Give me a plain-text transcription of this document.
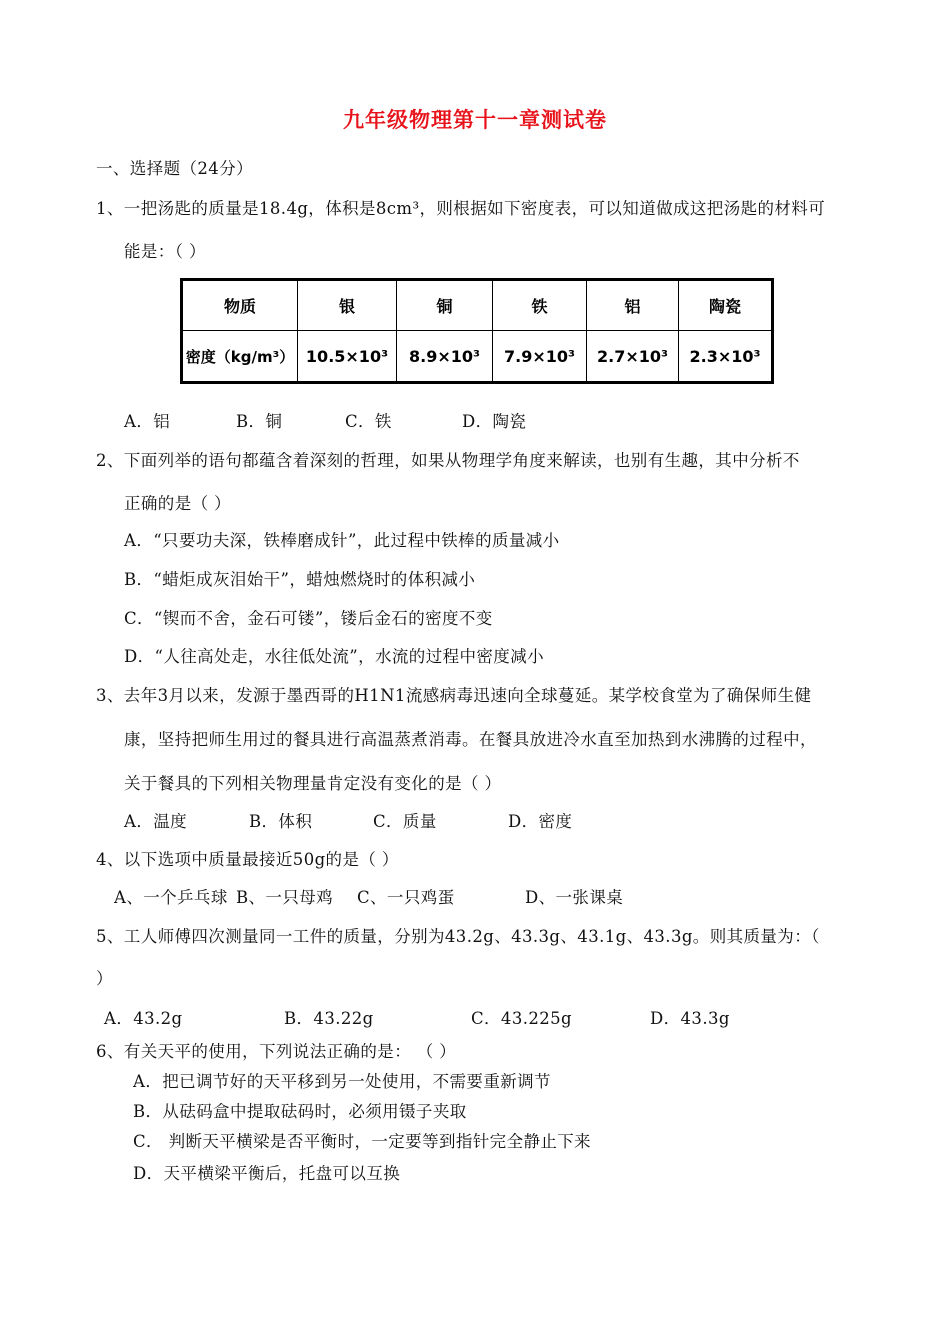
九年级物理第十一章测试卷
一、选择题（24分）
1、一把汤匙的质量是18.4g，体积是8cm³，则根据如下密度表，可以知道做成这把汤匙的材料可
能是：（ ）
物质	银	铜	铁	铝	陶瓷
密度（kg/m³）	10.5×10³	8.9×10³	7.9×10³	2.7×10³	2.3×10³
A．铝	B．铜	C．铁	D．陶瓷
2、下面列举的语句都蕴含着深刻的哲理，如果从物理学角度来解读，也别有生趣，其中分析不
正确的是（ ）
A．“只要功夫深，铁棒磨成针”，此过程中铁棒的质量减小
B．“蜡炬成灰泪始干”，蜡烛燃烧时的体积减小
C．“锲而不舍，金石可镂”，镂后金石的密度不变
D．“人往高处走，水往低处流”，水流的过程中密度减小
3、去年3月以来，发源于墨西哥的H1N1流感病毒迅速向全球蔓延。某学校食堂为了确保师生健
康，坚持把师生用过的餐具进行高温蒸煮消毒。在餐具放进冷水直至加热到水沸腾的过程中，
关于餐具的下列相关物理量肯定没有变化的是（ ）
A．温度	B．体积	C．质量	D．密度
4、以下选项中质量最接近50g的是（ ）
A、一个乒乓球 B、一只母鸡 C、一只鸡蛋	D、一张课桌
5、工人师傅四次测量同一工件的质量，分别为43.2g、43.3g、43.1g、43.3g。则其质量为：（
）
A．43.2g	B．43.22g	C．43.225g	D．43.3g
6、有关天平的使用，下列说法正确的是： （ ）
A．把已调节好的天平移到另一处使用，不需要重新调节
B．从砝码盒中提取砝码时，必须用镊子夹取
C． 判断天平横梁是否平衡时，一定要等到指针完全静止下来
D．天平横梁平衡后，托盘可以互换
